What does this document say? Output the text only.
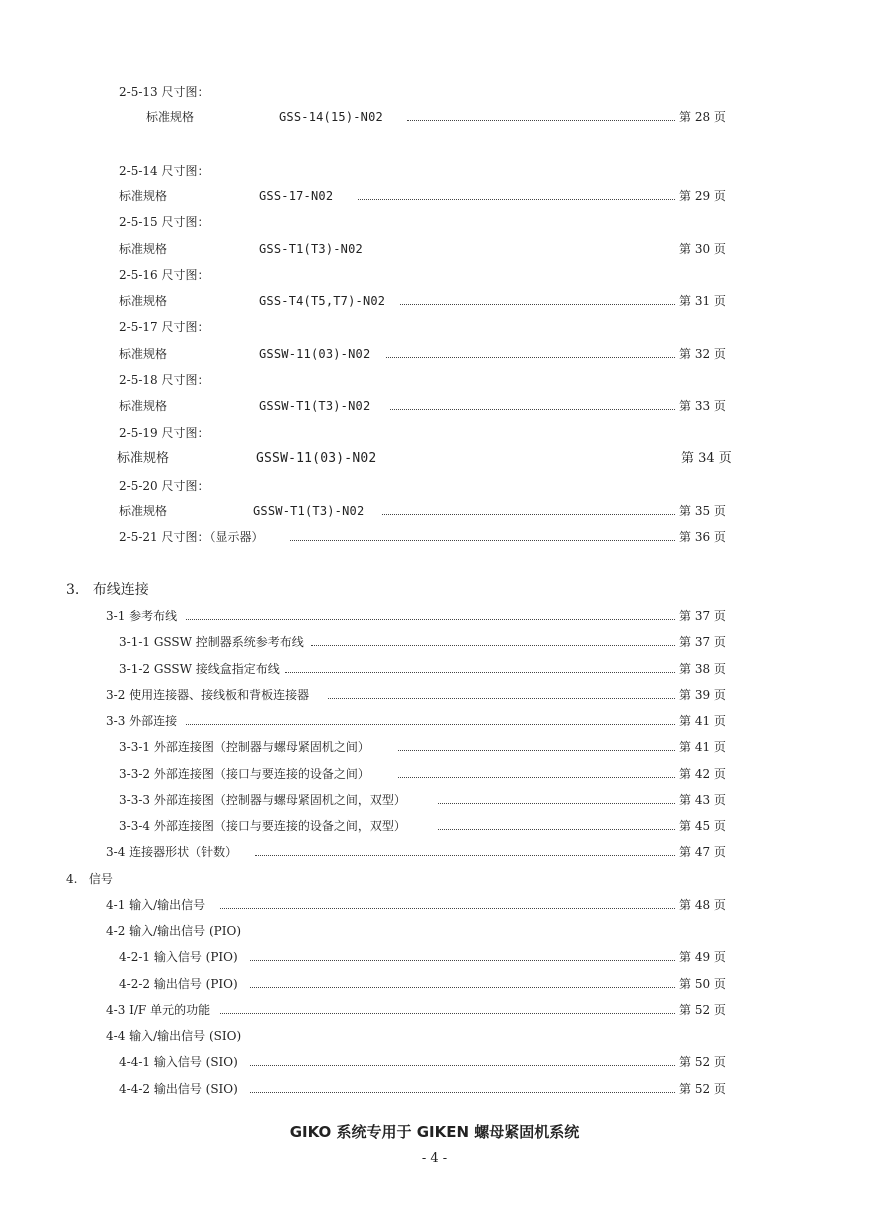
2-5-13 尺寸图：
标准规格	GSS-14(15)-N02	第 28 页
2-5-14 尺寸图：
标准规格	GSS-17-N02	第 29 页
2-5-15 尺寸图：
标准规格	GSS-T1(T3)-N02	第 30 页
2-5-16 尺寸图：
标准规格	GSS-T4(T5,T7)-N02	第 31 页
2-5-17 尺寸图：
标准规格	GSSW-11(03)-N02	第 32 页
2-5-18 尺寸图：
标准规格	GSSW-T1(T3)-N02	第 33 页
2-5-19 尺寸图：
标准规格	GSSW-11(03)-N02	第 34 页
2-5-20 尺寸图：
标准规格	GSSW-T1(T3)-N02	第 35 页
2-5-21 尺寸图：（显示器）	第 36 页
3.   布线连接
3-1 参考布线	第 37 页
3-1-1 GSSW 控制器系统参考布线	第 37 页
3-1-2 GSSW 接线盒指定布线	第 38 页
3-2 使用连接器、接线板和背板连接器	第 39 页
3-3 外部连接	第 41 页
3-3-1 外部连接图（控制器与螺母紧固机之间）	第 41 页
3-3-2 外部连接图（接口与要连接的设备之间）	第 42 页
3-3-3 外部连接图（控制器与螺母紧固机之间，双型）	第 43 页
3-3-4 外部连接图（接口与要连接的设备之间，双型）	第 45 页
3-4 连接器形状（针数）	第 47 页
4.   信号
4-1 输入/输出信号	第 48 页
4-2 输入/输出信号 (PIO)
4-2-1 输入信号 (PIO)	第 49 页
4-2-2 输出信号 (PIO)	第 50 页
4-3 I/F 单元的功能	第 52 页
4-4 输入/输出信号 (SIO)
4-4-1 输入信号 (SIO)	第 52 页
4-4-2 输出信号 (SIO)	第 52 页
GIKO 系统专用于 GIKEN 螺母紧固机系统
- 4 -
